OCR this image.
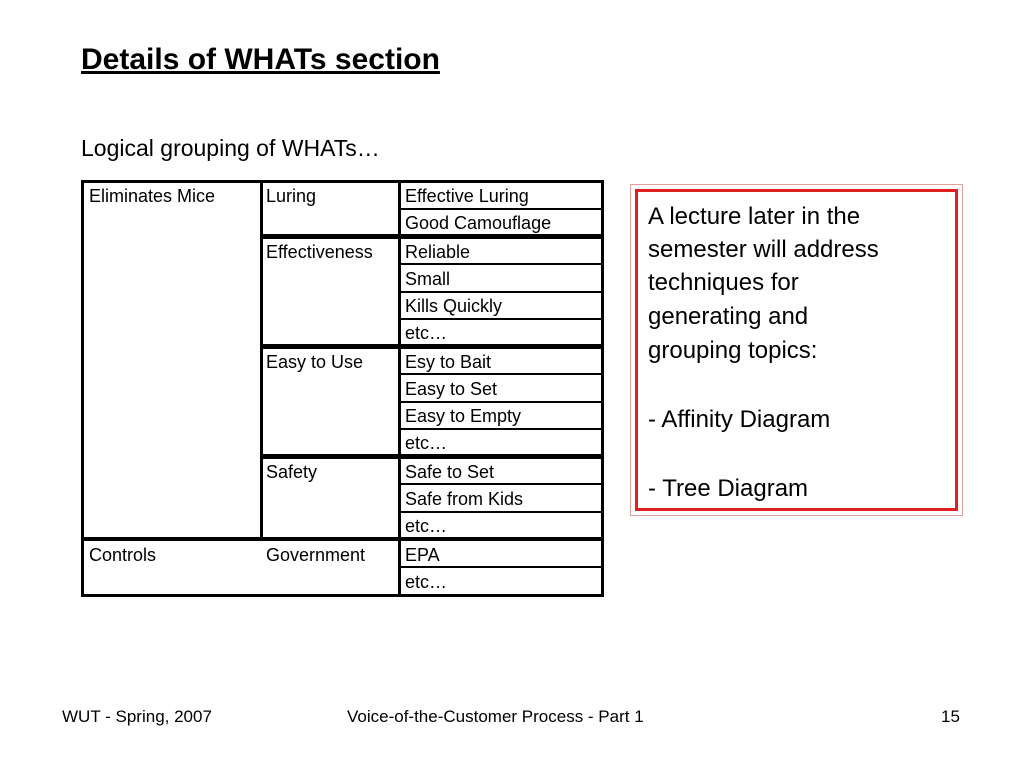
Details of WHATs section
Logical grouping of WHATs…
Eliminates Mice
Controls
Luring
Effectiveness
Easy to Use
Safety
Government
Effective Luring
Good Camouflage
Reliable
Small
Kills Quickly
etc…
Esy to Bait
Easy to Set
Easy to Empty
etc…
Safe to Set
Safe from Kids
etc…
EPA
etc…
A lecture later in the
semester will address
techniques for
generating and
grouping topics:
- Affinity Diagram
- Tree Diagram
WUT - Spring, 2007	Voice-of-the-Customer Process - Part 1	15
